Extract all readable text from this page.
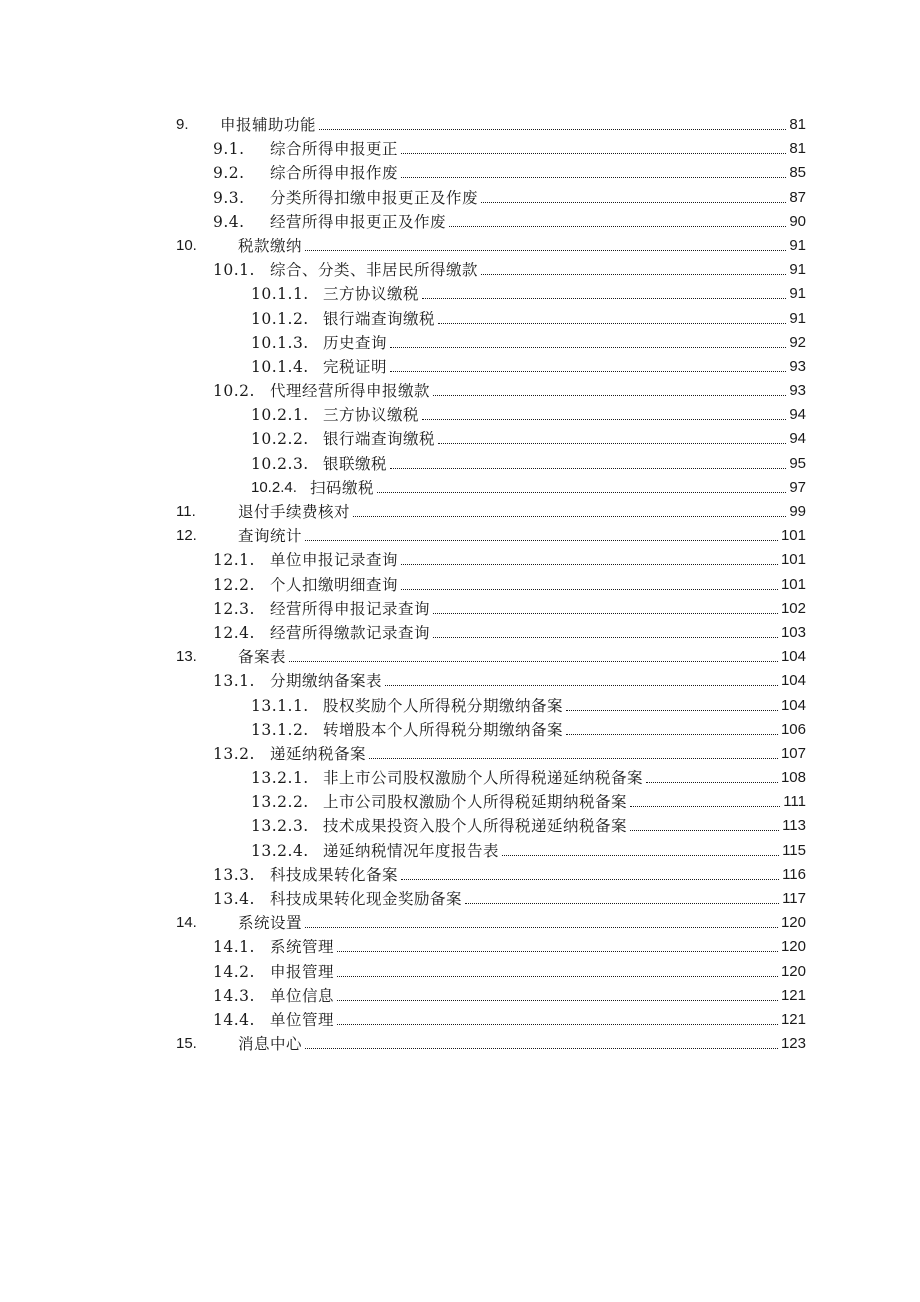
9. 申报辅助功能	81
9.1. 综合所得申报更正	81
9.2. 综合所得申报作废	85
9.3. 分类所得扣缴申报更正及作废	87
9.4. 经营所得申报更正及作废	90
10.	税款缴纳	91
10.1. 综合、分类、非居民所得缴款	91
10.1.1. 三方协议缴税	91
10.1.2. 银行端查询缴税	91
10.1.3. 历史查询	92
10.1.4. 完税证明	93
10.2. 代理经营所得申报缴款	93
10.2.1. 三方协议缴税	94
10.2.2. 银行端查询缴税	94
10.2.3. 银联缴税	95
10.2.4. 扫码缴税	97
11.	退付手续费核对	99
12.	查询统计	101
12.1. 单位申报记录查询	101
12.2. 个人扣缴明细查询	101
12.3. 经营所得申报记录查询	102
12.4. 经营所得缴款记录查询	103
13.	备案表	104
13.1. 分期缴纳备案表	104
13.1.1. 股权奖励个人所得税分期缴纳备案	104
13.1.2. 转增股本个人所得税分期缴纳备案	106
13.2. 递延纳税备案	107
13.2.1. 非上市公司股权激励个人所得税递延纳税备案	108
13.2.2. 上市公司股权激励个人所得税延期纳税备案	111
13.2.3. 技术成果投资入股个人所得税递延纳税备案	113
13.2.4. 递延纳税情况年度报告表	115
13.3. 科技成果转化备案	116
13.4. 科技成果转化现金奖励备案	117
14.	系统设置	120
14.1. 系统管理	120
14.2. 申报管理	120
14.3. 单位信息	121
14.4. 单位管理	121
15.	消息中心	123
